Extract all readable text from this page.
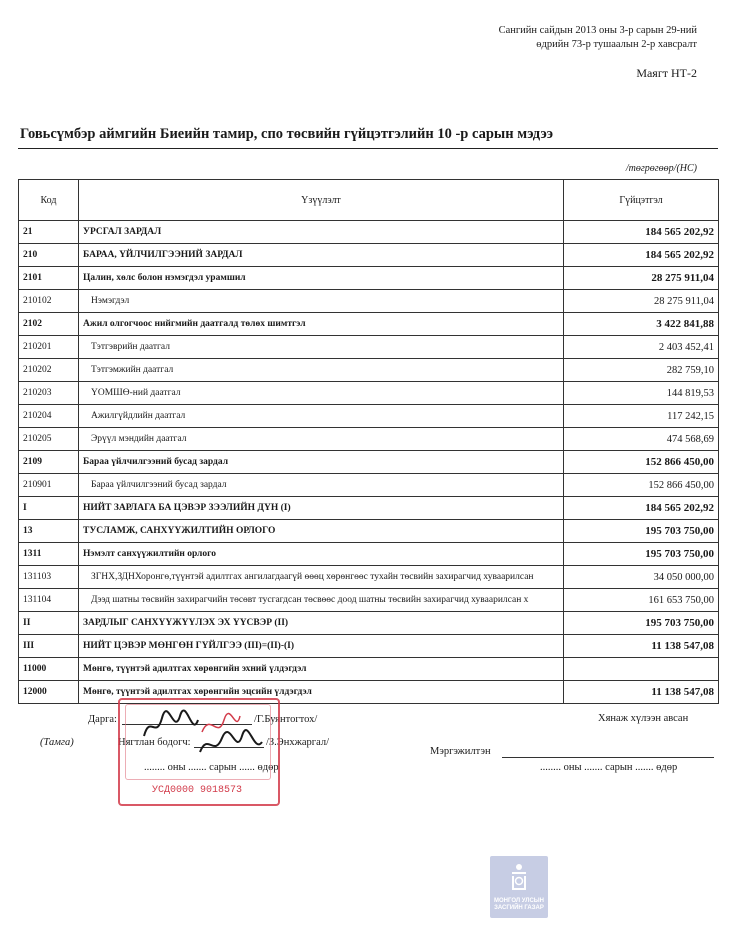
Сангийн сайдын 2013 оны 3-р сарын 29-ний
өдрийн 73-р тушаалын 2-р хавсралт
Маягт НТ-2
Говьсүмбэр аймгийн Биеийн тамир, спо төсвийн гүйцэтгэлийн 10 -р сарын мэдээ
/төгрөгөөр/(НС)
Код	Үзүүлэлт	Гүйцэтгэл
21	УРСГАЛ ЗАРДАЛ	184 565 202,92
210	БАРАА, ҮЙЛЧИЛГЭЭНИЙ ЗАРДАЛ	184 565 202,92
2101	Цалин, хөлс болон нэмэгдэл урамшил	28 275 911,04
210102	Нэмэгдэл	28 275 911,04
2102	Ажил олгогчоос нийгмийн даатгалд төлөх шимтгэл	3 422 841,88
210201	Тэтгэврийн даатгал	2 403 452,41
210202	Тэтгэмжийн даатгал	282 759,10
210203	ҮОМШӨ-ний даатгал	144 819,53
210204	Ажилгүйдлийн даатгал	117 242,15
210205	Эрүүл мэндийн даатгал	474 568,69
2109	Бараа үйлчилгээний бусад зардал	152 866 450,00
210901	Бараа үйлчилгээний бусад зардал	152 866 450,00
I	НИЙТ ЗАРЛАГА БА ЦЭВЭР ЗЭЭЛИЙН ДҮН (I)	184 565 202,92
13	ТУСЛАМЖ, САНХҮҮЖИЛТИЙН ОРЛОГО	195 703 750,00
1311	Нэмэлт санхүүжилтийн орлого	195 703 750,00
131103	ЗГНХ,ЗДНХоронгө,түүнтэй адилтгах ангилагдаагүй өөөц хөрөнгөөс тухайн төсвийн захирагчид хуваарилсан	34 050 000,00
131104	Дээд шатны төсвийн захирагчийн төсөвт тусгагдсан төсвөөс доод шатны төсвийн захирагчид хуваарилсан х	161 653 750,00
II	ЗАРДЛЫГ САНХҮҮЖҮҮЛЭХ ЭХ ҮҮСВЭР (II)	195 703 750,00
III	НИЙТ ЦЭВЭР МӨНГӨН ГҮЙЛГЭЭ (III)=(II)-(I)	11 138 547,08
11000	Мөнгө, түүнтэй адилтгах хөрөнгийн эхний үлдэгдэл	
12000	Мөнгө, түүнтэй адилтгах хөрөнгийн эцсийн үлдэгдэл	11 138 547,08
Дарга:	/Г.Буянтогтох/	Хянаж хүлээн авсан
(Тамга)	Нягтлан бодогч:	/З.Энхжаргал/
Мэргэжилтэн
........ оны ....... сарын ...... өдөр	........ оны ....... сарын ....... өдөр
УСД0000 9018573
МОНГОЛ УЛСЫН
ЗАСГИЙН ГАЗАР
